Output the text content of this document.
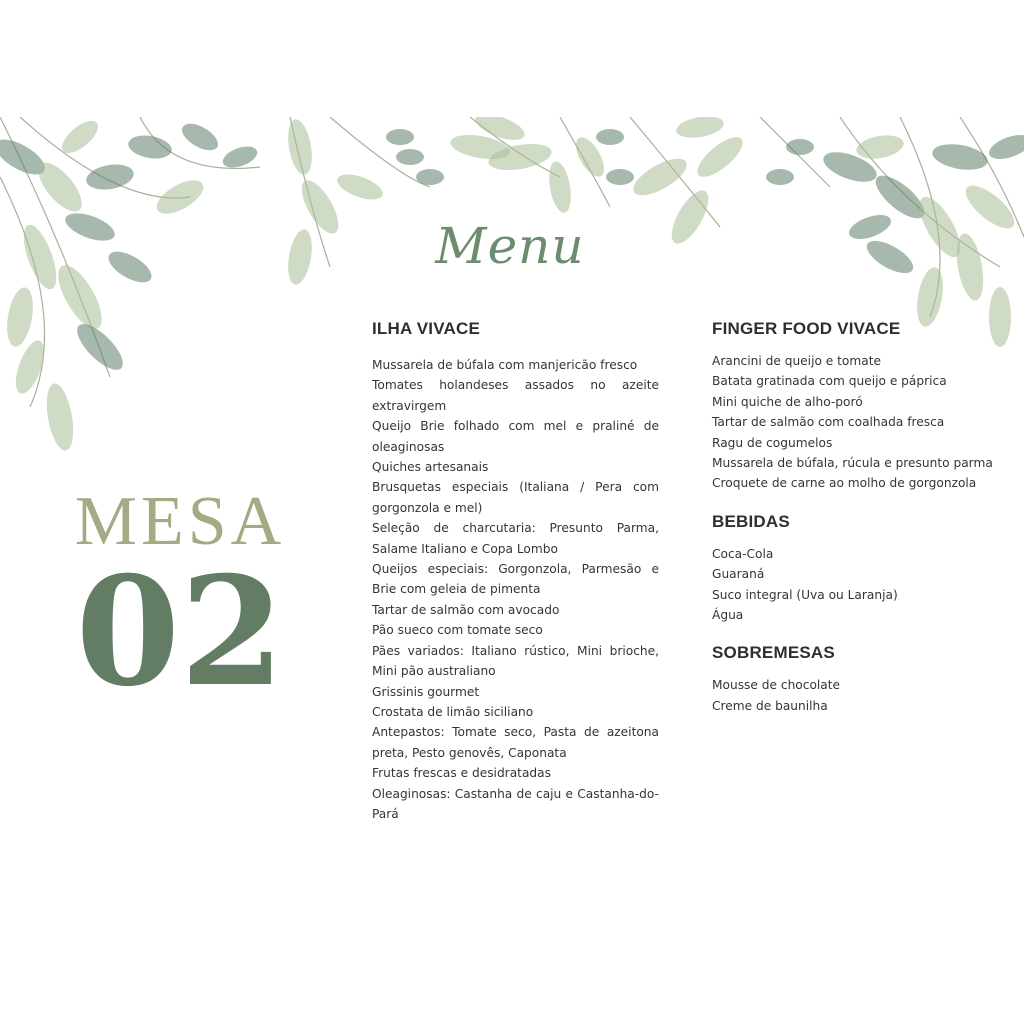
Menu
MESA
02
ILHA VIVACE
Mussarela de búfala com manjericão fresco
Tomates holandeses assados no azeite extravirgem
Queijo Brie folhado com mel e praliné de oleaginosas
Quiches artesanais
Brusquetas especiais (Italiana / Pera com gorgonzola e mel)
Seleção de charcutaria: Presunto Parma, Salame Italiano e Copa Lombo
Queijos especiais: Gorgonzola, Parmesão e Brie com geleia de pimenta
Tartar de salmão com avocado
Pão sueco com tomate seco
Pães variados: Italiano rústico, Mini brioche, Mini pão australiano
Grissinis gourmet
Crostata de limão siciliano
Antepastos: Tomate seco, Pasta de azeitona preta, Pesto genovês, Caponata
Frutas frescas e desidratadas
Oleaginosas: Castanha de caju e Castanha-do-Pará
FINGER FOOD VIVACE
Arancini de queijo e tomate
Batata gratinada com queijo e páprica
Mini quiche de alho-poró
Tartar de salmão com coalhada fresca
Ragu de cogumelos
Mussarela de búfala, rúcula e presunto parma
Croquete de carne ao molho de gorgonzola
BEBIDAS
Coca-Cola
Guaraná
Suco integral (Uva ou Laranja)
Água
SOBREMESAS
Mousse de chocolate
Creme de baunilha
